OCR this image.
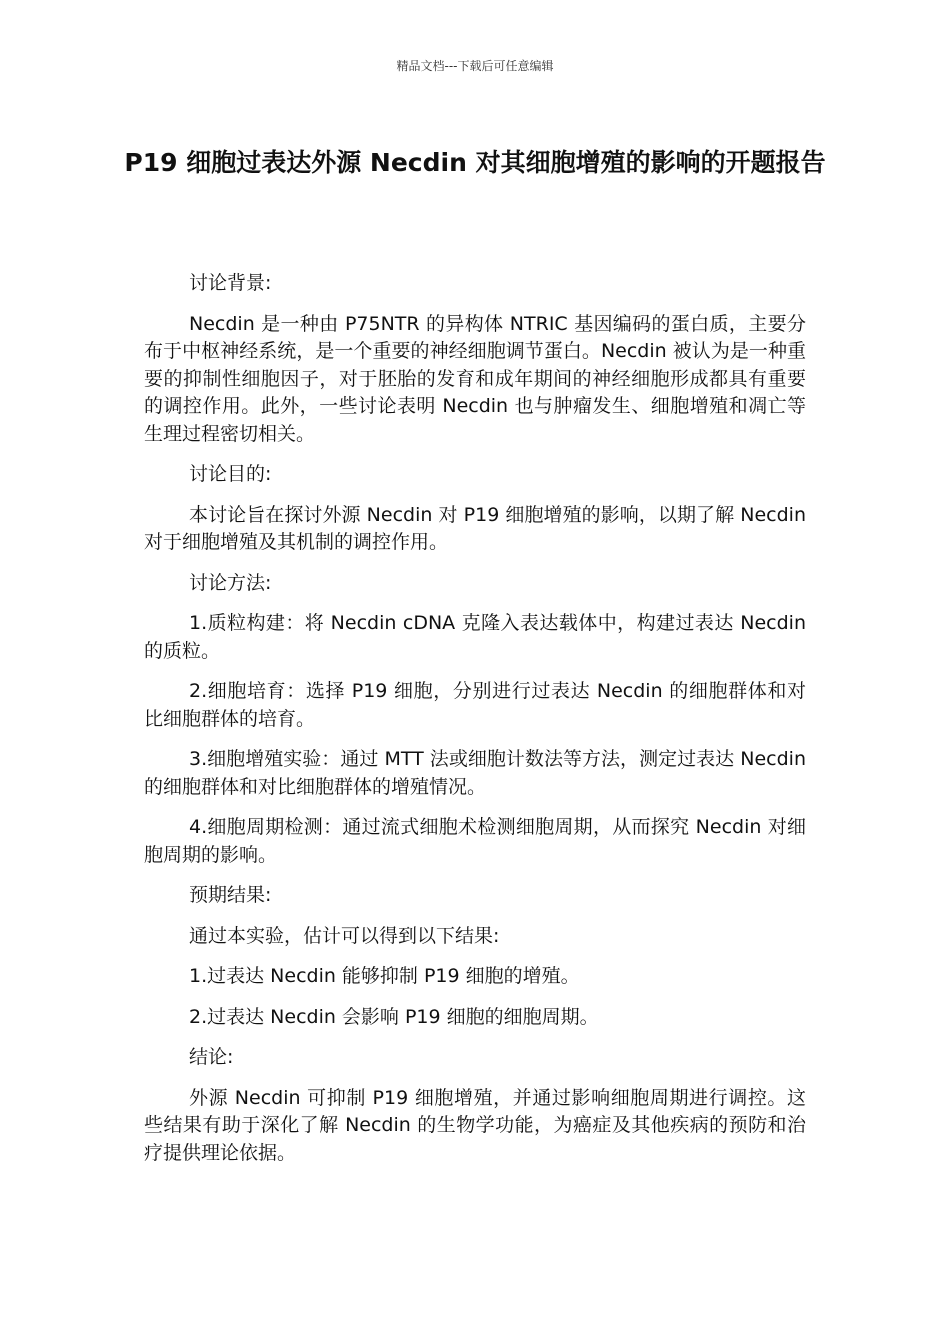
精品文档---下载后可任意编辑
P19 细胞过表达外源 Necdin 对其细胞增殖的影响的开题报告

讨论背景:

Necdin 是一种由 P75NTR 的异构体 NTRIC 基因编码的蛋白质，主要分布于中枢神经系统，是一个重要的神经细胞调节蛋白。Necdin 被认为是一种重要的抑制性细胞因子，对于胚胎的发育和成年期间的神经细胞形成都具有重要的调控作用。此外，一些讨论表明 Necdin 也与肿瘤发生、细胞增殖和凋亡等生理过程密切相关。

讨论目的:

本讨论旨在探讨外源 Necdin 对 P19 细胞增殖的影响，以期了解 Necdin 对于细胞增殖及其机制的调控作用。

讨论方法:

1.质粒构建：将 Necdin cDNA 克隆入表达载体中，构建过表达 Necdin 的质粒。

2.细胞培育：选择 P19 细胞，分别进行过表达 Necdin 的细胞群体和对比细胞群体的培育。

3.细胞增殖实验：通过 MTT 法或细胞计数法等方法，测定过表达 Necdin 的细胞群体和对比细胞群体的增殖情况。

4.细胞周期检测：通过流式细胞术检测细胞周期，从而探究 Necdin 对细胞周期的影响。

预期结果:

通过本实验，估计可以得到以下结果:

1.过表达 Necdin 能够抑制 P19 细胞的增殖。

2.过表达 Necdin 会影响 P19 细胞的细胞周期。

结论:

外源 Necdin 可抑制 P19 细胞增殖，并通过影响细胞周期进行调控。这些结果有助于深化了解 Necdin 的生物学功能，为癌症及其他疾病的预防和治疗提供理论依据。
